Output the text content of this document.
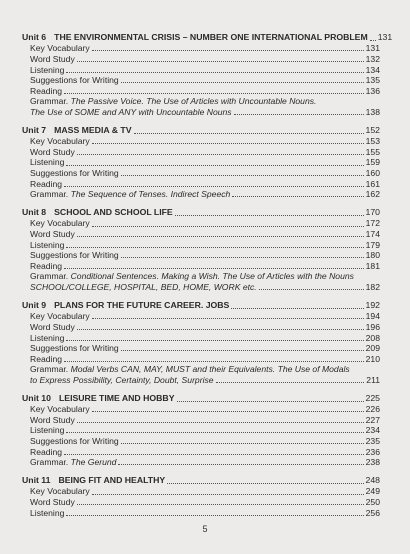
Unit 6 THE ENVIRONMENTAL CRISIS – NUMBER ONE INTERNATIONAL PROBLEM 131
Key Vocabulary	131
Word Study	132
Listening	134
Suggestions for Writing	135
Reading	136
Grammar. The Passive Voice. The Use of Articles with Uncountable Nouns.
The Use of SOME and ANY with Uncountable Nouns	138
Unit 7 MASS MEDIA & TV	152
Key Vocabulary	153
Word Study	155
Listening	159
Suggestions for Writing	160
Reading	161
Grammar. The Sequence of Tenses. Indirect Speech	162
Unit 8 SCHOOL AND SCHOOL LIFE	170
Key Vocabulary	172
Word Study	174
Listening	179
Suggestions for Writing	180
Reading	181
Grammar. Conditional Sentences. Making a Wish. The Use of Articles with the Nouns
SCHOOL/COLLEGE, HOSPITAL, BED, HOME, WORK etc.	182
Unit 9 PLANS FOR THE FUTURE CAREER. JOBS	192
Key Vocabulary	194
Word Study	196
Listening	208
Suggestions for Writing	209
Reading	210
Grammar. Modal Verbs CAN, MAY, MUST and their Equivalents. The Use of Modals
to Express Possibility, Certainty, Doubt, Surprise	211
Unit 10 LEISURE TIME AND HOBBY	225
Key Vocabulary	226
Word Study	227
Listening	234
Suggestions for Writing	235
Reading	236
Grammar. The Gerund	238
Unit 11 BEING FIT AND HEALTHY	248
Key Vocabulary	249
Word Study	250
Listening	256
5
